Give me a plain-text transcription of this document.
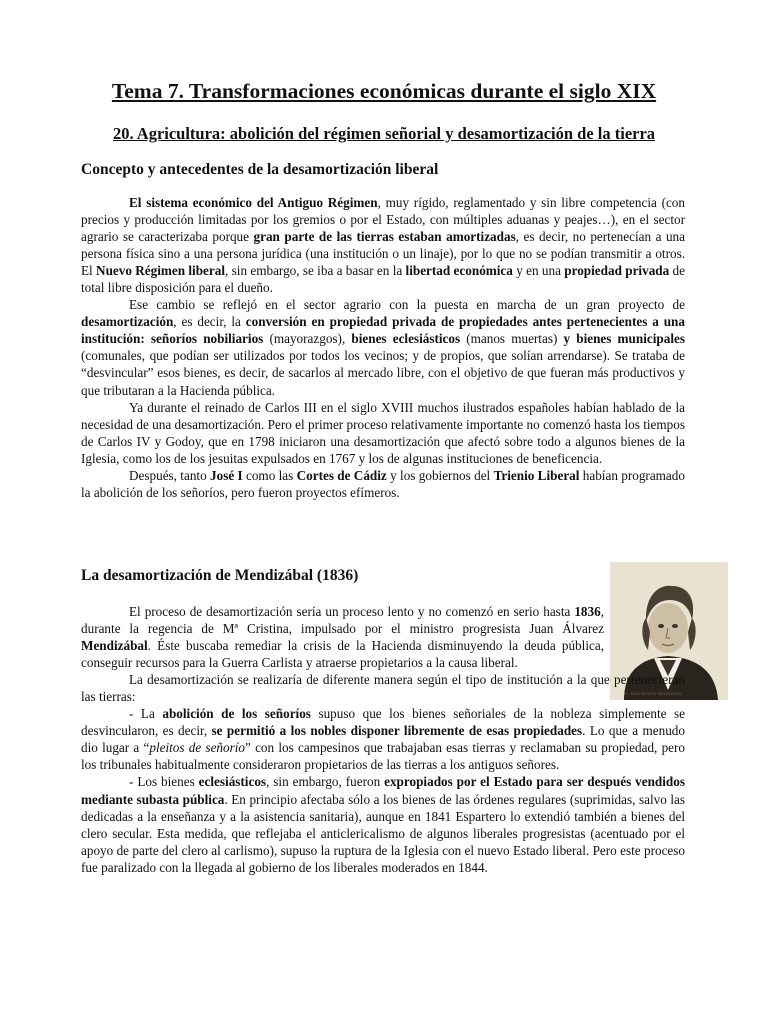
Tema 7. Transformaciones económicas durante el siglo XIX
20. Agricultura: abolición del régimen señorial y desamortización de la tierra
Concepto y antecedentes de la desamortización liberal

El sistema económico del Antiguo Régimen, muy rígido, reglamentado y sin libre competencia (con precios y producción limitadas por los gremios o por el Estado, con múltiples aduanas y peajes…), en el sector agrario se caracterizaba porque gran parte de las tierras estaban amortizadas, es decir, no pertenecían a una persona física sino a una persona jurídica (una institución o un linaje), por lo que no se podían transmitir a otros. El Nuevo Régimen liberal, sin embargo, se iba a basar en la libertad económica y en una propiedad privada de total libre disposición para el dueño.

Ese cambio se reflejó en el sector agrario con la puesta en marcha de un gran proyecto de desamortización, es decir, la conversión en propiedad privada de propiedades antes pertenecientes a una institución: señoríos nobiliarios (mayorazgos), bienes eclesiásticos (manos muertas) y bienes municipales (comunales, que podían ser utilizados por todos los vecinos; y de propios, que solían arrendarse). Se trataba de “desvincular” esos bienes, es decir, de sacarlos al mercado libre, con el objetivo de que fueran más productivos y que tributaran a la Hacienda pública.

Ya durante el reinado de Carlos III en el siglo XVIII muchos ilustrados españoles habían hablado de la necesidad de una desamortización. Pero el primer proceso relativamente importante no comenzó hasta los tiempos de Carlos IV y Godoy, que en 1798 iniciaron una desamortización que afectó sobre todo a algunos bienes de la Iglesia, como los de los jesuitas expulsados en 1767 y los de algunas instituciones de beneficencia.

Después, tanto José I como las Cortes de Cádiz y los gobiernos del Trienio Liberal habían programado la abolición de los señoríos, pero fueron proyectos efímeros.

La desamortización de Mendizábal (1836)
D. Juan Álvarez Mendizábal

El proceso de desamortización sería un proceso lento y no comenzó en serio hasta 1836, durante la regencia de Mª Cristina, impulsado por el ministro progresista Juan Álvarez Mendizábal. Éste buscaba remediar la crisis de la Hacienda disminuyendo la deuda pública, conseguir recursos para la Guerra Carlista y atraerse propietarios a la causa liberal.

La desamortización se realizaría de diferente manera según el tipo de institución a la que pertenecieran las tierras:

- La abolición de los señoríos supuso que los bienes señoriales de la nobleza simplemente se desvincularon, es decir, se permitió a los nobles disponer libremente de esas propiedades. Lo que a menudo dio lugar a “pleitos de señorío” con los campesinos que trabajaban esas tierras y reclamaban su propiedad, pero los tribunales habitualmente consideraron propietarios de las tierras a los antiguos señores.

- Los bienes eclesiásticos, sin embargo, fueron expropiados por el Estado para ser después vendidos mediante subasta pública. En principio afectaba sólo a los bienes de las órdenes regulares (suprimidas, salvo las dedicadas a la enseñanza y a la asistencia sanitaria), aunque en 1841 Espartero lo extendió también a bienes del clero secular. Esta medida, que reflejaba el anticlericalismo de algunos liberales progresistas (acentuado por el apoyo de parte del clero al carlismo), supuso la ruptura de la Iglesia con el nuevo Estado liberal. Pero este proceso fue paralizado con la llegada al gobierno de los liberales moderados en 1844.
